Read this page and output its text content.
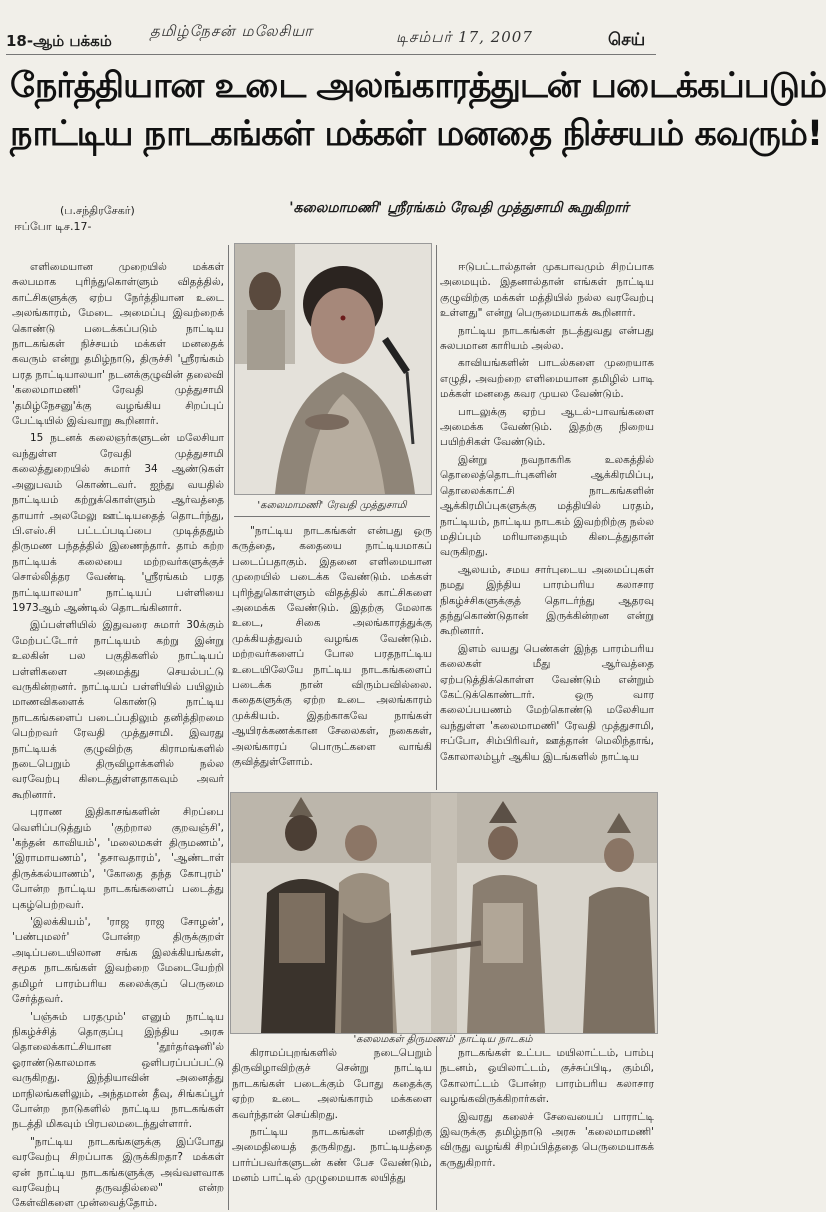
18-ஆம் பக்கம்
தமிழ்நேசன் மலேசியா	டிசம்பர் 17, 2007	செய்
நேர்த்தியான உடை அலங்காரத்துடன் படைக்கப்படும்
நாட்டிய நாடகங்கள் மக்கள் மனதை நிச்சயம் கவரும்!
(ப.சந்திரசேகர்)
ஈப்போ டிச.17-
'கலைமாமணி' ஸ்ரீரங்கம் ரேவதி முத்துசாமி கூறுகிறார்

எளிமையான முறையில் மக்கள் சுலபமாக புரிந்துகொள்ளும் விதத்தில், காட்சிகளுக்கு ஏற்ப நேர்த்தியான உடை அலங்காரம், மேடை அமைப்பு இவற்றைக் கொண்டு படைக்கப்படும் நாட்டிய நாடகங்கள் நிச்சயம் மக்கள் மனதைக் கவரும் என்று தமிழ்நாடு, திருச்சி 'ஸ்ரீரங்கம் பரத நாட்டியாலயா' நடனக்குழுவின் தலைவி 'கலைமாமணி' ரேவதி முத்துசாமி 'தமிழ்நேசனு'க்கு வழங்கிய சிறப்புப் பேட்டியில் இவ்வாறு கூறினார்.

15 நடனக் கலைஞர்களுடன் மலேசியா வந்துள்ள ரேவதி முத்துசாமி கலைத்துறையில் சுமார் 34 ஆண்டுகள் அனுபவம் கொண்டவர். ஐந்து வயதில் நாட்டியம் கற்றுக்கொள்ளும் ஆர்வத்தை தாயார் அலமேலு ஊட்டியதைத் தொடர்ந்து, பி.எஸ்.சி பட்டப்படிப்பை முடித்ததும் திருமண பந்தத்தில் இணைந்தார். தாம் கற்ற நாட்டியக் கலையை மற்றவர்களுக்குச் சொல்லித்தர வேண்டி 'ஸ்ரீரங்கம் பரத நாட்டியாலயா' நாட்டியப் பள்ளியை 1973ஆம் ஆண்டில் தொடங்கினார்.

இப்பள்ளியில் இதுவரை சுமார் 30க்கும் மேற்பட்டோர் நாட்டியம் கற்று இன்று உலகின் பல பகுதிகளில் நாட்டியப் பள்ளிகளை அமைத்து செயல்பட்டு வருகின்றனர். நாட்டியப் பள்ளியில் பயிலும் மாணவிகளைக் கொண்டு நாட்டிய நாடகங்களைப் படைப்பதிலும் தனித்திறமை பெற்றவர் ரேவதி முத்துசாமி. இவரது நாட்டியக் குழுவிற்கு கிராமங்களில் நடைபெறும் திருவிழாக்களில் நல்ல வரவேற்பு கிடைத்துள்ளதாகவும் அவர் கூறினார்.

புராண இதிகாசங்களின் சிறப்பை வெளிப்படுத்தும் 'குற்றால குறவஞ்சி', 'கந்தன் காவியம்', 'மலைமகள் திருமணம்', 'இராமாயணம்', 'தசாவதாரம்', 'ஆண்டாள் திருக்கல்யாணம்', 'கோதை தந்த கோபுரம்' போன்ற நாட்டிய நாடகங்களைப் படைத்து புகழ்பெற்றவர்.

'இலக்கியம்', 'ராஜ ராஜ சோழன்', 'பண்புமலர்' போன்ற திருக்குறள் அடிப்படையிலான சங்க இலக்கியங்கள், சமூக நாடகங்கள் இவற்றை மேடையேற்றி தமிழர் பாரம்பரிய கலைக்குப் பெருமை சேர்த்தவர்.

'பஞ்சும் பரதமும்' எனும் நாட்டிய நிகழ்ச்சித் தொகுப்பு இந்திய அரசு தொலைக்காட்சியான 'தூர்தர்ஷனி'ல் ஓராண்டுகாலமாக ஒளிபரப்பப்பட்டு வருகிறது. இந்தியாவின் அனைத்து மாநிலங்களிலும், அந்தமான் தீவு, சிங்கப்பூர் போன்ற நாடுகளில் நாட்டிய நாடகங்கள் நடத்தி மிகவும் பிரபலமடைந்துள்ளார்.

"நாட்டிய நாடகங்களுக்கு இப்போது வரவேற்பு சிறப்பாக இருக்கிறதா? மக்கள் ஏன் நாட்டிய நாடகங்களுக்கு அவ்வளவாக வரவேற்பு தருவதில்லை" என்ற கேள்விகளை முன்வைத்தோம்.

'கலைமாமணி' ரேவதி முத்துசாமி

"நாட்டிய நாடகங்கள் என்பது ஒரு கருத்தை, கதையை நாட்டியமாகப் படைப்பதாகும். இதனை எளிமையான முறையில் படைக்க வேண்டும். மக்கள் புரிந்துகொள்ளும் விதத்தில் காட்சிகளை அமைக்க வேண்டும். இதற்கு மேலாக உடை, சிகை அலங்காரத்துக்கு முக்கியத்துவம் வழங்க வேண்டும். மற்றவர்களைப் போல பரதநாட்டிய உடையிலேயே நாட்டிய நாடகங்களைப் படைக்க நான் விரும்பவில்லை. கதைகளுக்கு ஏற்ற உடை அலங்காரம் முக்கியம். இதற்காகவே நாங்கள் ஆயிரக்கணக்கான சேலைகள், நகைகள், அலங்காரப் பொருட்களை வாங்கி குவித்துள்ளோம்.

ஈடுபட்டால்தான் முகபாவமும் சிறப்பாக அமையும். இதனால்தான் எங்கள் நாட்டிய குழுவிற்கு மக்கள் மத்தியில் நல்ல வரவேற்பு உள்ளது" என்று பெருமையாகக் கூறினார்.

நாட்டிய நாடகங்கள் நடத்துவது என்பது சுலபமான காரியம் அல்ல.

காவியங்களின் பாடல்களை முறையாக எழுதி, அவற்றை எளிமையான தமிழில் பாடி மக்கள் மனதை கவர முயல வேண்டும்.

பாடலுக்கு ஏற்ப ஆடல்-பாவங்களை அமைக்க வேண்டும். இதற்கு நிறைய பயிற்சிகள் வேண்டும்.

இன்று நவநாகரிக உலகத்தில் தொலைத்தொடர்புகளின் ஆக்கிரமிப்பு, தொலைக்காட்சி நாடகங்களின் ஆக்கிரமிப்புகளுக்கு மத்தியில் பரதம், நாட்டியம், நாட்டிய நாடகம் இவற்றிற்கு நல்ல மதிப்பும் மரியாதையும் கிடைத்துதான் வருகிறது.

ஆலயம், சமய சார்புடைய அமைப்புகள் நமது இந்திய பாரம்பரிய கலாசார நிகழ்ச்சிகளுக்குத் தொடர்ந்து ஆதரவு தந்துகொண்டுதான் இருக்கின்றன என்று கூறினார்.

இளம் வயது பெண்கள் இந்த பாரம்பரிய கலைகள் மீது ஆர்வத்தை ஏற்படுத்திக்கொள்ள வேண்டும் என்றும் கேட்டுக்கொண்டார். ஒரு வார கலைப்பயணம் மேற்கொண்டு மலேசியா வந்துள்ள 'கலைமாமணி' ரேவதி முத்துசாமி, ஈப்போ, சிம்பிரிவர், ஊத்தான் மெலிந்தாங், கோலாலம்பூர் ஆகிய இடங்களில் நாட்டிய

'கலைமகள் திருமணம்' நாட்டிய நாடகம்

கிராமப்புறங்களில் நடைபெறும் திருவிழாவிற்குச் சென்று நாட்டிய நாடகங்கள் படைக்கும் போது கதைக்கு ஏற்ற உடை அலங்காரம் மக்களை கவர்ந்தான் செய்கிறது.

நாட்டிய நாடகங்கள் மனதிற்கு அமைதியைத் தருகிறது. நாட்டியத்தை பார்ப்பவர்களுடன் கண் பேச வேண்டும், மனம் பாட்டில் முழுமையாக லயித்து

நாடகங்கள் உட்பட மயிலாட்டம், பாம்பு நடனம், ஒயிலாட்டம், குச்சுப்பிடி, கும்மி, கோலாட்டம் போன்ற பாரம்பரிய கலாசார வழங்கவிருக்கிறார்கள்.

இவரது கலைச் சேவையைப் பாராட்டி இவருக்கு தமிழ்நாடு அரசு 'கலைமாமணி' விருது வழங்கி சிறப்பித்ததை பெருமையாகக் கருதுகிறார்.
